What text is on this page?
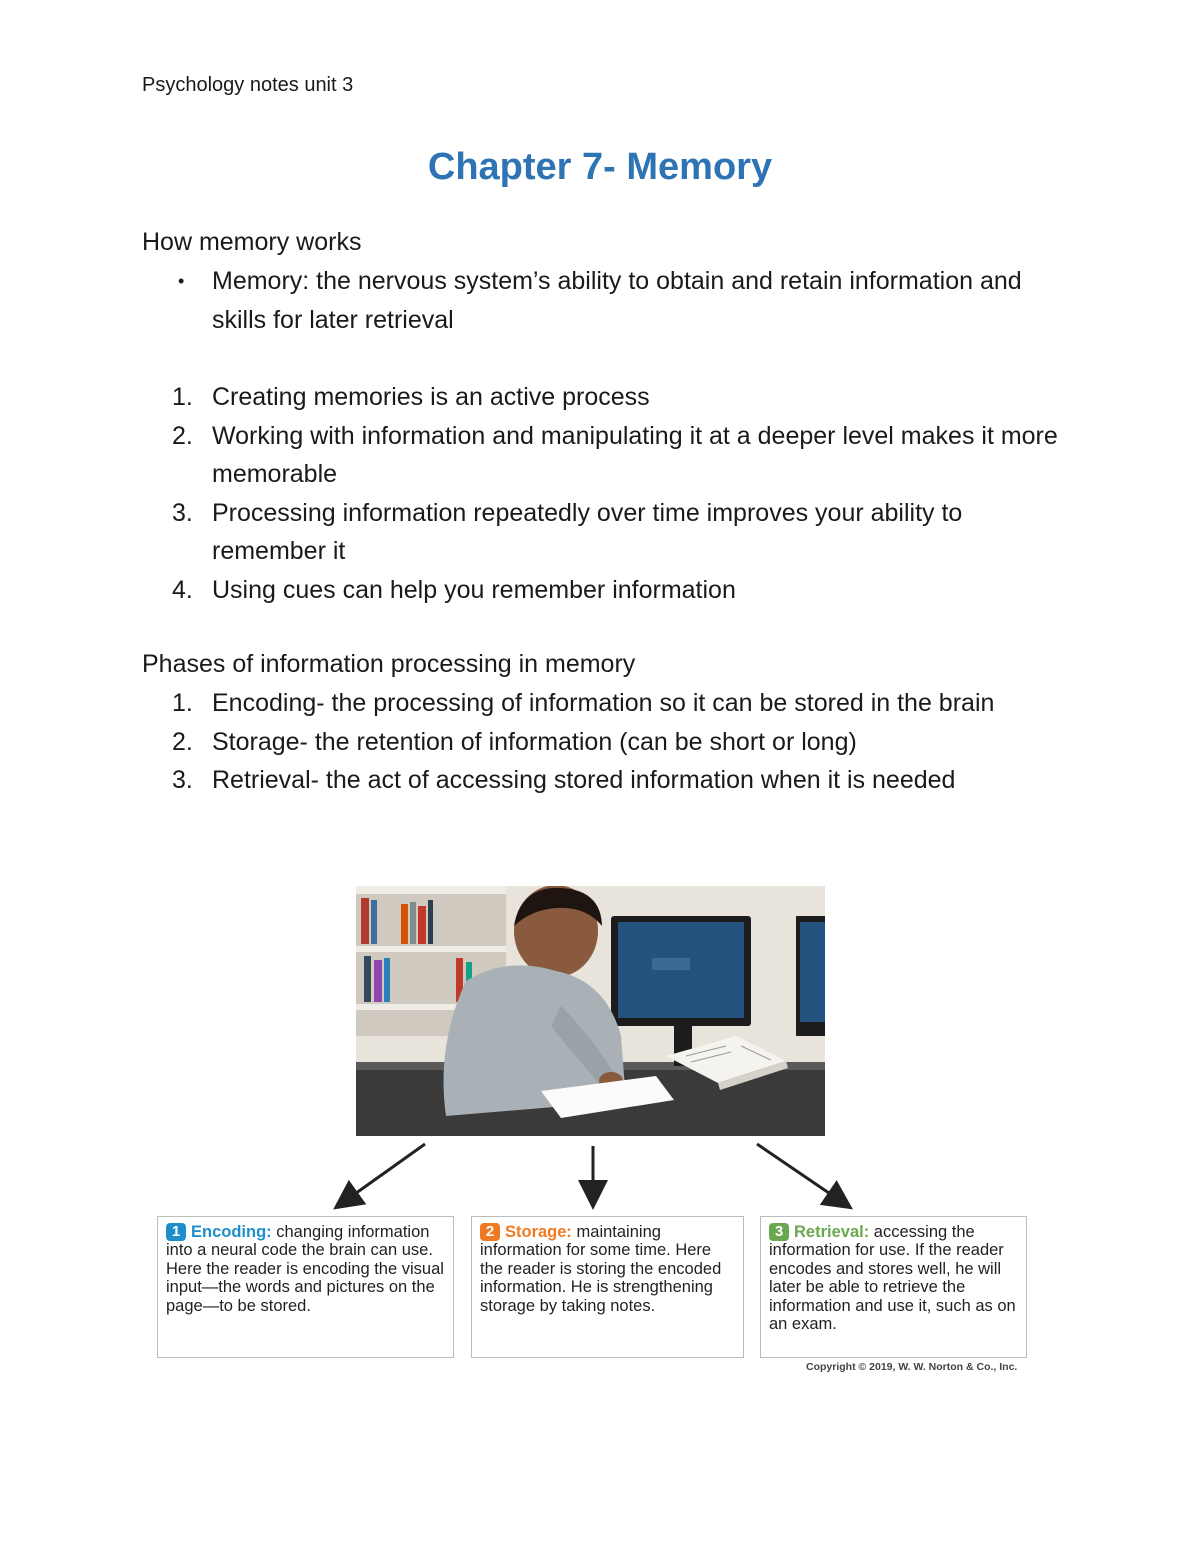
Psychology notes unit 3
Chapter 7- Memory
How memory works
• Memory: the nervous system’s ability to obtain and retain information and skills for later retrieval
1. Creating memories is an active process
2. Working with information and manipulating it at a deeper level makes it more memorable
3. Processing information repeatedly over time improves your ability to remember it
4. Using cues can help you remember information
Phases of information processing in memory
1. Encoding- the processing of information so it can be stored in the brain
2. Storage- the retention of information (can be short or long)
3. Retrieval- the act of accessing stored information when it is needed
1 Encoding: changing information into a neural code the brain can use. Here the reader is encoding the visual input—the words and pictures on the page—to be stored.
2 Storage: maintaining information for some time. Here the reader is storing the encoded information. He is strengthening storage by taking notes.
3 Retrieval: accessing the information for use. If the reader encodes and stores well, he will later be able to retrieve the information and use it, such as on an exam.
Copyright © 2019, W. W. Norton & Co., Inc.
